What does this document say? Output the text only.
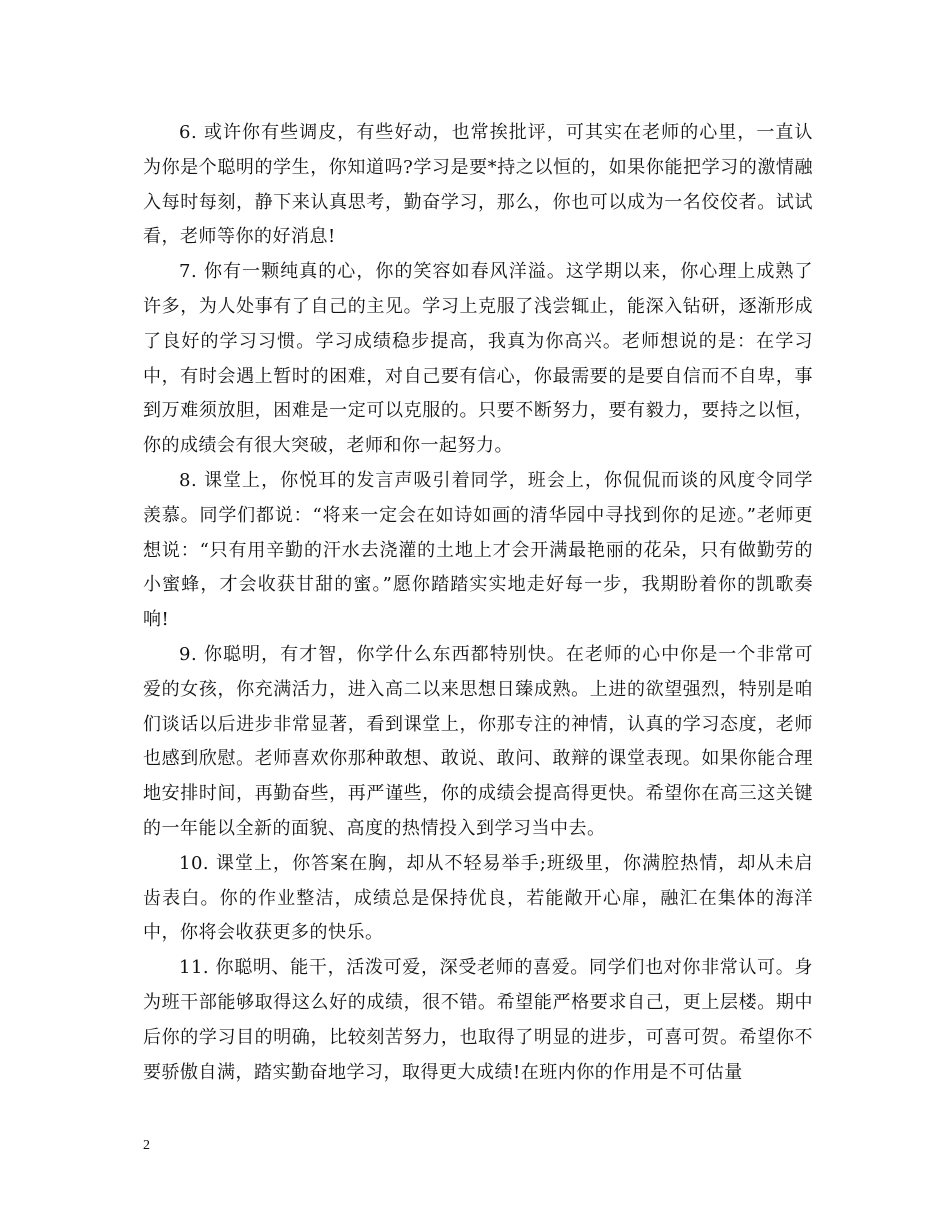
6. 或许你有些调皮，有些好动，也常挨批评，可其实在老师的心里，一直认为你是个聪明的学生，你知道吗?学习是要*持之以恒的，如果你能把学习的激情融入每时每刻，静下来认真思考，勤奋学习，那么，你也可以成为一名佼佼者。试试看，老师等你的好消息!

7. 你有一颗纯真的心，你的笑容如春风洋溢。这学期以来，你心理上成熟了许多，为人处事有了自己的主见。学习上克服了浅尝辄止，能深入钻研，逐渐形成了良好的学习习惯。学习成绩稳步提高，我真为你高兴。老师想说的是：在学习中，有时会遇上暂时的困难，对自己要有信心，你最需要的是要自信而不自卑，事到万难须放胆，困难是一定可以克服的。只要不断努力，要有毅力，要持之以恒，你的成绩会有很大突破，老师和你一起努力。

8. 课堂上，你悦耳的发言声吸引着同学，班会上，你侃侃而谈的风度令同学羡慕。同学们都说：“将来一定会在如诗如画的清华园中寻找到你的足迹。”老师更想说：“只有用辛勤的汗水去浇灌的土地上才会开满最艳丽的花朵，只有做勤劳的小蜜蜂，才会收获甘甜的蜜。”愿你踏踏实实地走好每一步，我期盼着你的凯歌奏响!

9. 你聪明，有才智，你学什么东西都特别快。在老师的心中你是一个非常可爱的女孩，你充满活力，进入高二以来思想日臻成熟。上进的欲望强烈，特别是咱们谈话以后进步非常显著，看到课堂上，你那专注的神情，认真的学习态度，老师也感到欣慰。老师喜欢你那种敢想、敢说、敢问、敢辩的课堂表现。如果你能合理地安排时间，再勤奋些，再严谨些，你的成绩会提高得更快。希望你在高三这关键的一年能以全新的面貌、高度的热情投入到学习当中去。

10. 课堂上，你答案在胸，却从不轻易举手;班级里，你满腔热情，却从未启齿表白。你的作业整洁，成绩总是保持优良，若能敞开心扉，融汇在集体的海洋中，你将会收获更多的快乐。

11. 你聪明、能干，活泼可爱，深受老师的喜爱。同学们也对你非常认可。身为班干部能够取得这么好的成绩，很不错。希望能严格要求自己，更上层楼。期中后你的学习目的明确，比较刻苦努力，也取得了明显的进步，可喜可贺。希望你不要骄傲自满，踏实勤奋地学习，取得更大成绩!在班内你的作用是不可估量

2
